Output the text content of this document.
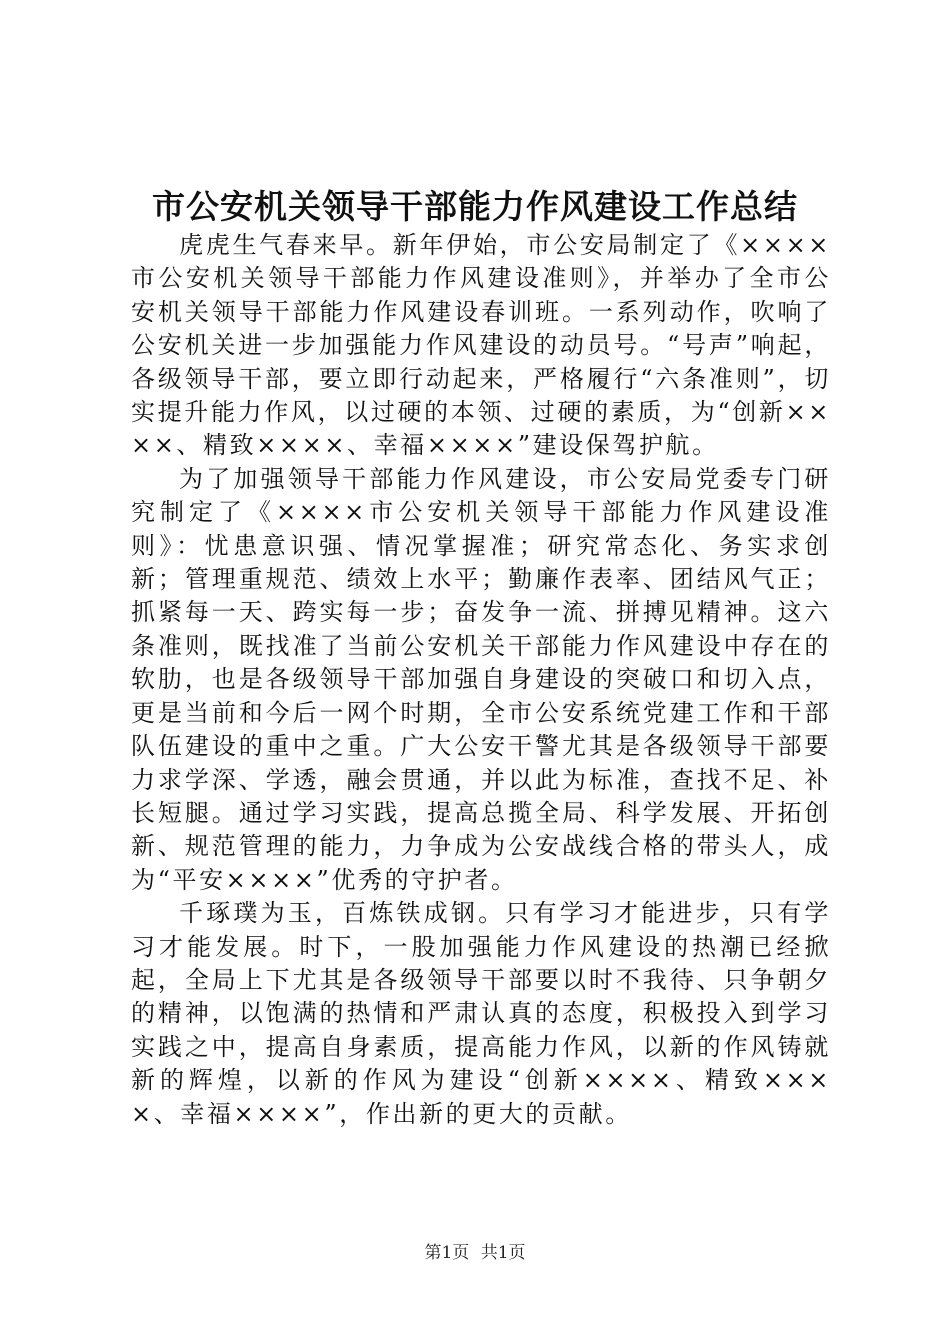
市公安机关领导干部能力作风建设工作总结

虎虎生气春来早。新年伊始，市公安局制定了《××××市公安机关领导干部能力作风建设准则》，并举办了全市公安机关领导干部能力作风建设春训班。一系列动作，吹响了公安机关进一步加强能力作风建设的动员号。“号声”响起，各级领导干部，要立即行动起来，严格履行“六条准则”，切实提升能力作风，以过硬的本领、过硬的素质，为“创新××××、精致××××、幸福××××”建设保驾护航。

为了加强领导干部能力作风建设，市公安局党委专门研究制定了《××××市公安机关领导干部能力作风建设准则》：忧患意识强、情况掌握准；研究常态化、务实求创新；管理重规范、绩效上水平；勤廉作表率、团结风气正；抓紧每一天、跨实每一步；奋发争一流、拼搏见精神。这六条准则，既找准了当前公安机关干部能力作风建设中存在的软肋，也是各级领导干部加强自身建设的突破口和切入点，更是当前和今后一网个时期，全市公安系统党建工作和干部队伍建设的重中之重。广大公安干警尤其是各级领导干部要力求学深、学透，融会贯通，并以此为标准，查找不足、补长短腿。通过学习实践，提高总揽全局、科学发展、开拓创新、规范管理的能力，力争成为公安战线合格的带头人，成为“平安××××”优秀的守护者。

千琢璞为玉，百炼铁成钢。只有学习才能进步，只有学习才能发展。时下，一股加强能力作风建设的热潮已经掀起，全局上下尤其是各级领导干部要以时不我待、只争朝夕的精神，以饱满的热情和严肃认真的态度，积极投入到学习实践之中，提高自身素质，提高能力作风，以新的作风铸就新的辉煌，以新的作风为建设“创新××××、精致××××、幸福××××”，作出新的更大的贡献。

第1页 共1页
